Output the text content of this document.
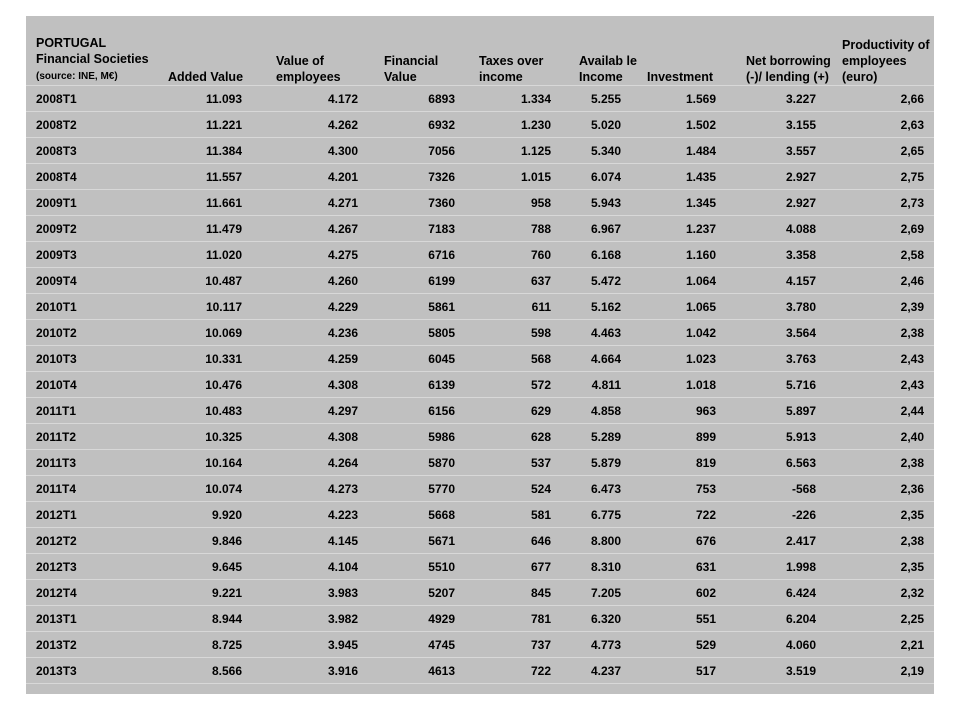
PORTUGAL Financial Societies (source: INE, M€)	Added Value	Value of employees	Financial Value	Taxes over income	Availab le Income	Investment	Net borrowing (-)/ lending (+)	Productivity of employees (euro)
2008T1	11.093	4.172	6893	1.334	5.255	1.569	3.227	2,66
2008T2	11.221	4.262	6932	1.230	5.020	1.502	3.155	2,63
2008T3	11.384	4.300	7056	1.125	5.340	1.484	3.557	2,65
2008T4	11.557	4.201	7326	1.015	6.074	1.435	2.927	2,75
2009T1	11.661	4.271	7360	958	5.943	1.345	2.927	2,73
2009T2	11.479	4.267	7183	788	6.967	1.237	4.088	2,69
2009T3	11.020	4.275	6716	760	6.168	1.160	3.358	2,58
2009T4	10.487	4.260	6199	637	5.472	1.064	4.157	2,46
2010T1	10.117	4.229	5861	611	5.162	1.065	3.780	2,39
2010T2	10.069	4.236	5805	598	4.463	1.042	3.564	2,38
2010T3	10.331	4.259	6045	568	4.664	1.023	3.763	2,43
2010T4	10.476	4.308	6139	572	4.811	1.018	5.716	2,43
2011T1	10.483	4.297	6156	629	4.858	963	5.897	2,44
2011T2	10.325	4.308	5986	628	5.289	899	5.913	2,40
2011T3	10.164	4.264	5870	537	5.879	819	6.563	2,38
2011T4	10.074	4.273	5770	524	6.473	753	-568	2,36
2012T1	9.920	4.223	5668	581	6.775	722	-226	2,35
2012T2	9.846	4.145	5671	646	8.800	676	2.417	2,38
2012T3	9.645	4.104	5510	677	8.310	631	1.998	2,35
2012T4	9.221	3.983	5207	845	7.205	602	6.424	2,32
2013T1	8.944	3.982	4929	781	6.320	551	6.204	2,25
2013T2	8.725	3.945	4745	737	4.773	529	4.060	2,21
2013T3	8.566	3.916	4613	722	4.237	517	3.519	2,19
